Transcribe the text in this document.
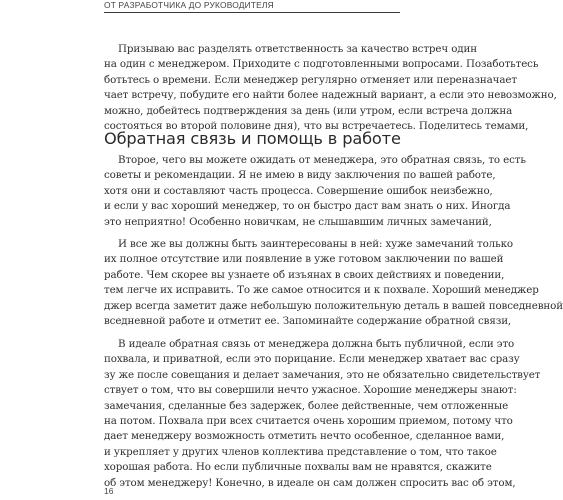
ОТ РАЗРАБОТЧИКА ДО РУКОВОДИТЕЛЯ
Призываю вас разделять ответственность за качество встреч один
на один с менеджером. Приходите с подготовленными вопросами. Позаботьтесь
ботьтесь о времени. Если менеджер регулярно отменяет или переназначает
чает встречу, побудите его найти более надежный вариант, а если это невозможно,
можно, добейтесь подтверждения за день (или утром, если встреча должна
состояться во второй половине дня), что вы встречаетесь. Поделитесь темами,
Обратная связь и помощь в работе
Второе, чего вы можете ожидать от менеджера, это обратная связь, то есть
советы и рекомендации. Я не имею в виду заключения по вашей работе,
хотя они и составляют часть процесса. Совершение ошибок неизбежно,
и если у вас хороший менеджер, то он быстро даст вам знать о них. Иногда
это неприятно! Особенно новичкам, не слышавшим личных замечаний,
И все же вы должны быть заинтересованы в ней: хуже замечаний только
их полное отсутствие или появление в уже готовом заключении по вашей
работе. Чем скорее вы узнаете об изъянах в своих действиях и поведении,
тем легче их исправить. То же самое относится и к похвале. Хороший менеджер
джер всегда заметит даже небольшую положительную деталь в вашей повседневной
вседневной работе и отметит ее. Запоминайте содержание обратной связи,
В идеале обратная связь от менеджера должна быть публичной, если это
похвала, и приватной, если это порицание. Если менеджер хватает вас сразу
зу же после совещания и делает замечания, это не обязательно свидетельствует
ствует о том, что вы совершили нечто ужасное. Хорошие менеджеры знают:
замечания, сделанные без задержек, более действенные, чем отложенные
на потом. Похвала при всех считается очень хорошим приемом, потому что
дает менеджеру возможность отметить нечто особенное, сделанное вами,
и укрепляет у других членов коллектива представление о том, что такое
хорошая работа. Но если публичные похвалы вам не нравятся, скажите
об этом менеджеру! Конечно, в идеале он сам должен спросить вас об этом,
16
